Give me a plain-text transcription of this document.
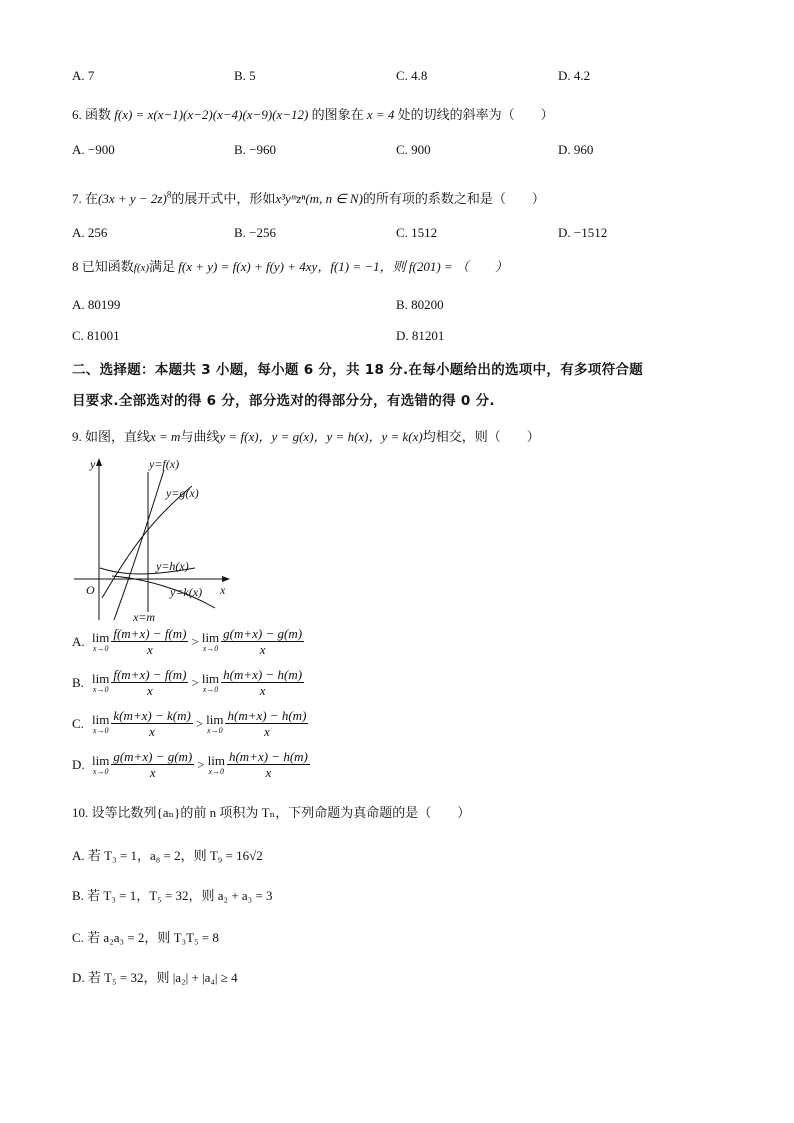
A. 7	B. 5	C. 4.8	D. 4.2
6. 函数 f(x) = x(x−1)(x−2)(x−4)(x−9)(x−12) 的图象在 x = 4 处的切线的斜率为（　　）
A. −900	B. −960	C. 900	D. 960
7. 在$(3x + y - 2z)^8$的展开式中，形如x³yᵐzⁿ(m, n ∈ N)的所有项的系数之和是（　　）
A. 256	B. −256	C. 1512	D. −1512
8 已知函数f(x)满足 f(x + y) = f(x) + f(y) + 4xy，f(1) = −1，则 f(201) = （　　）
A. 80199	B. 80200
C. 81001	D. 81201
二、选择题：本题共 3 小题，每小题 6 分，共 18 分.在每小题给出的选项中，有多项符合题
目要求.全部选对的得 6 分，部分选对的得部分分，有选错的得 0 分.
9. 如图，直线x = m与曲线y = f(x)，y = g(x)，y = h(x)，y = k(x)均相交，则（　　）
y
x
O
y=f(x)
y=g(x)
y=h(x)
y=k(x)
x=m
A. lim
$x\to 0 \frac{f(m+x) - f(m)}{x} > \lim$
$x\to 0 \frac{g(m+x) - g(m)}{x}$
B. lim
$x\to 0 \frac{f(m+x) - f(m)}{x} > \lim$
$x\to 0 \frac{h(m+x) - h(m)}{x}$
C. lim
$x\to 0 \frac{k(m+x) - k(m)}{x} > \lim$
$x\to 0 \frac{h(m+x) - h(m)}{x}$
D. lim
$x\to 0 \frac{g(m+x) - g(m)}{x} > \lim$
$x\to 0 \frac{h(m+x) - h(m)}{x}$
10. 设等比数列{aₙ}的前 n 项积为 Tₙ，下列命题为真命题的是（　　）
A. 若 T₃ = 1，a₈ = 2，则 T₉ = 16√2
B. 若 T₃ = 1，T₅ = 32，则 a₂ + a₃ = 3
C. 若 a₂a₃ = 2，则 T₃T₅ = 8
D. 若 T₅ = 32，则 |a₂| + |a₄| ≥ 4
